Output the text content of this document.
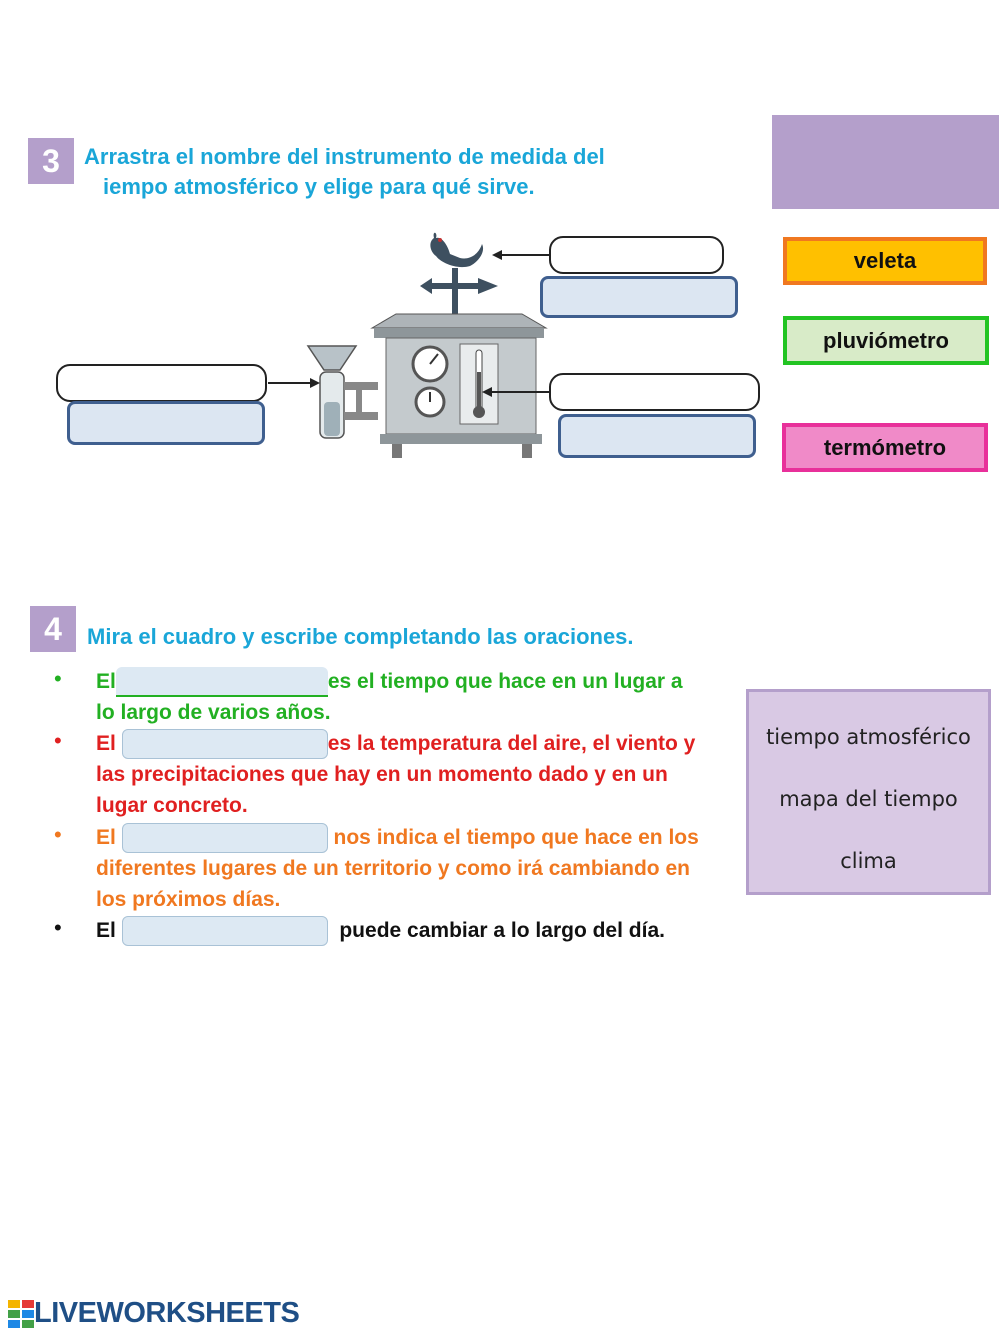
3	Arrastra el nombre del instrumento de medida del
iempo atmosférico y elige para qué sirve.
veleta
pluviómetro
termómetro
4	Mira el cuadro y escribe completando las oraciones.
• El	es el tiempo que hace en un lugar a
lo largo de varios años.
• El	es la temperatura del aire, el viento y
las precipitaciones que hay en un momento dado y en un
lugar concreto.
• El	nos indica el tiempo que hace en los
diferentes lugares de un territorio y como irá cambiando en
los próximos días.
• El	puede cambiar a lo largo del día.
tiempo atmosférico
mapa del tiempo
clima
LIVEWORKSHEETS
